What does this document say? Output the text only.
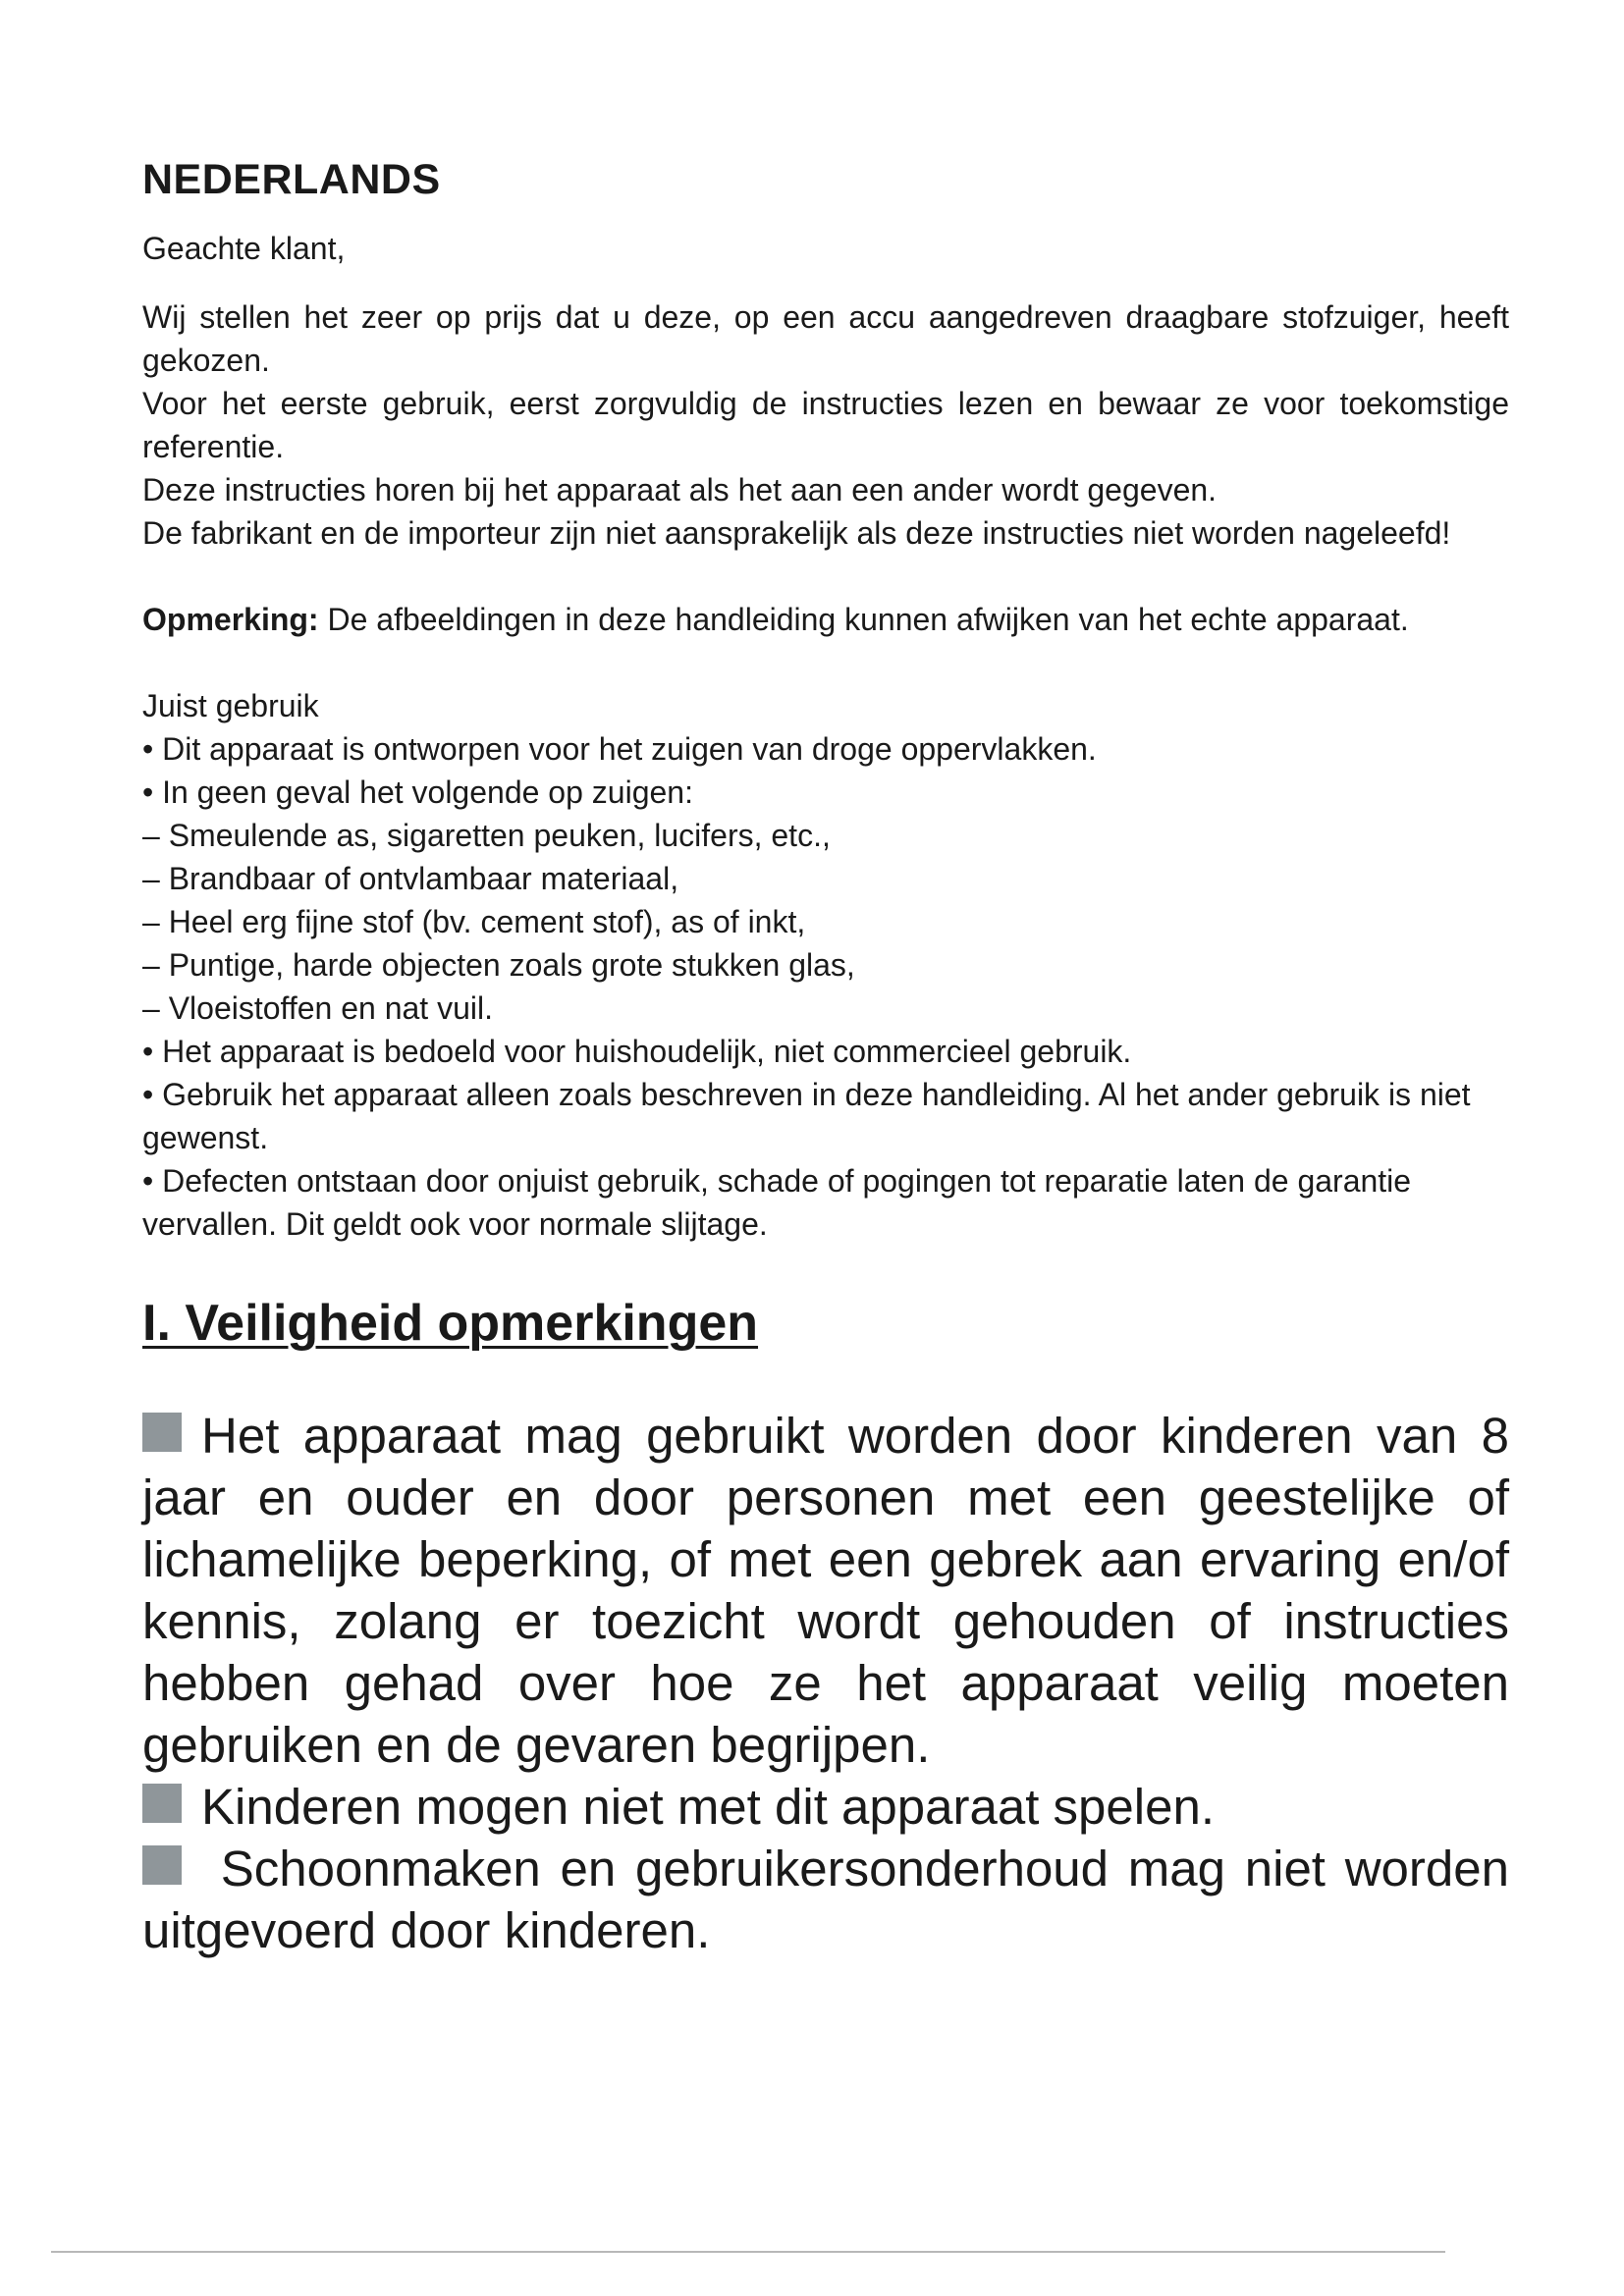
NEDERLANDS

Geachte klant,

Wij stellen het zeer op prijs dat u deze, op een accu aangedreven draagbare stofzuiger, heeft gekozen.

Voor het eerste gebruik, eerst zorgvuldig de instructies lezen en bewaar ze voor toekomstige referentie.

Deze instructies horen bij het apparaat als het aan een ander wordt gegeven.

De fabrikant en de importeur zijn niet aansprakelijk als deze instructies niet worden nageleefd!

Opmerking: De afbeeldingen in deze handleiding kunnen afwijken van het echte apparaat.

Juist gebruik
• Dit apparaat is ontworpen voor het zuigen van droge oppervlakken.
• In geen geval het volgende op zuigen:
– Smeulende as, sigaretten peuken, lucifers, etc.,
– Brandbaar of ontvlambaar materiaal,
– Heel erg fijne stof (bv. cement stof), as of inkt,
– Puntige, harde objecten zoals grote stukken glas,
– Vloeistoffen en nat vuil.
• Het apparaat is bedoeld voor huishoudelijk, niet commercieel gebruik.
• Gebruik het apparaat alleen zoals beschreven in deze handleiding. Al het ander gebruik is niet gewenst.
• Defecten ontstaan door onjuist gebruik, schade of pogingen tot reparatie laten de garantie vervallen. Dit geldt ook voor normale slijtage.
I. Veiligheid opmerkingen

Het apparaat mag gebruikt worden door kinderen van 8 jaar en ouder en door personen met een geestelijke of lichamelijke beperking, of met een gebrek aan ervaring en/of kennis, zolang er toezicht wordt gehouden of instructies hebben gehad over hoe ze het apparaat veilig moeten gebruiken en de gevaren begrijpen.

Kinderen mogen niet met dit apparaat spelen.

Schoonmaken en gebruikersonderhoud mag niet worden uitgevoerd door kinderen.
